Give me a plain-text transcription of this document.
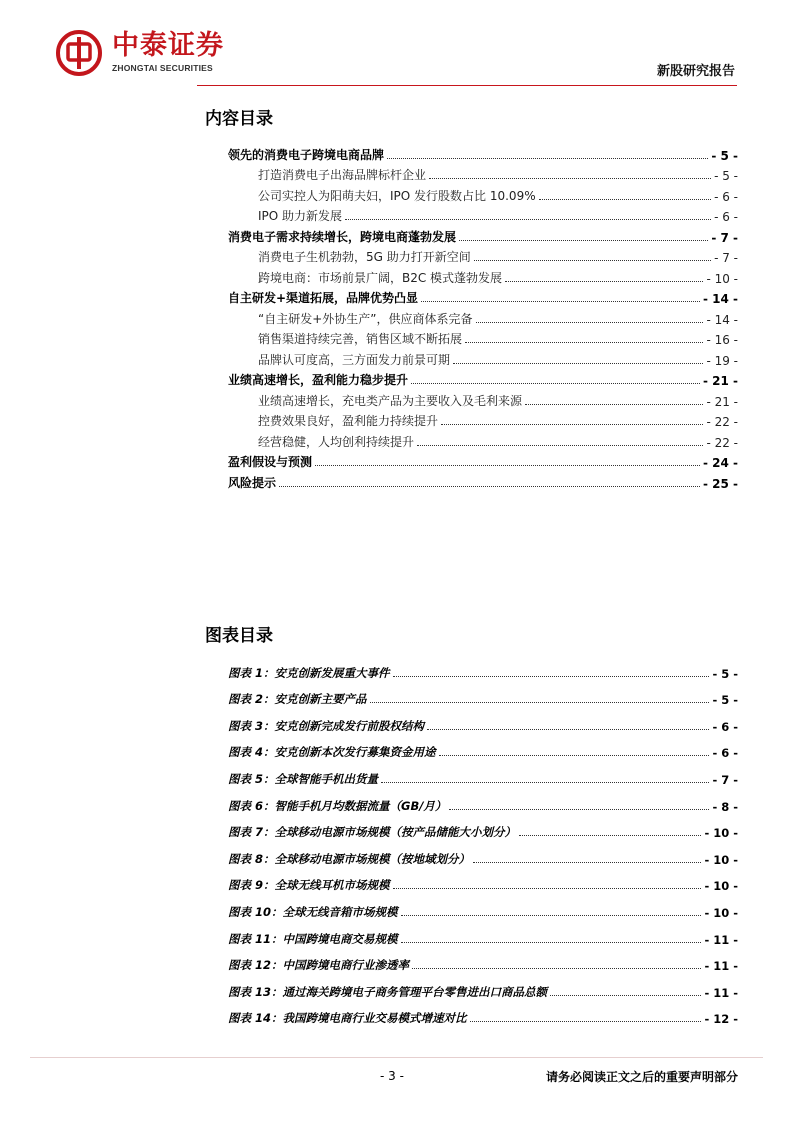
中泰证券
ZHONGTAI SECURITIES	新股研究报告
内容目录
领先的消费电子跨境电商品牌	- 5 -
打造消费电子出海品牌标杆企业	- 5 -
公司实控人为阳萌夫妇，IPO 发行股数占比 10.09%	- 6 -
IPO 助力新发展	- 6 -
消费电子需求持续增长，跨境电商蓬勃发展	- 7 -
消费电子生机勃勃，5G 助力打开新空间	- 7 -
跨境电商：市场前景广阔，B2C 模式蓬勃发展	- 10 -
自主研发+渠道拓展，品牌优势凸显	- 14 -
“自主研发+外协生产”，供应商体系完备	- 14 -
销售渠道持续完善，销售区域不断拓展	- 16 -
品牌认可度高，三方面发力前景可期	- 19 -
业绩高速增长，盈利能力稳步提升	- 21 -
业绩高速增长，充电类产品为主要收入及毛利来源	- 21 -
控费效果良好，盈利能力持续提升	- 22 -
经营稳健，人均创利持续提升	- 22 -
盈利假设与预测	- 24 -
风险提示	- 25 -
图表目录
图表 1：安克创新发展重大事件	- 5 -
图表 2：安克创新主要产品	- 5 -
图表 3：安克创新完成发行前股权结构	- 6 -
图表 4：安克创新本次发行募集资金用途	- 6 -
图表 5：全球智能手机出货量	- 7 -
图表 6：智能手机月均数据流量（GB/月）	- 8 -
图表 7：全球移动电源市场规模（按产品储能大小划分）	- 10 -
图表 8：全球移动电源市场规模（按地域划分）	- 10 -
图表 9：全球无线耳机市场规模	- 10 -
图表 10：全球无线音箱市场规模	- 10 -
图表 11：中国跨境电商交易规模	- 11 -
图表 12：中国跨境电商行业渗透率	- 11 -
图表 13：通过海关跨境电子商务管理平台零售进出口商品总额	- 11 -
图表 14：我国跨境电商行业交易模式增速对比	- 12 -
- 3 -	请务必阅读正文之后的重要声明部分
